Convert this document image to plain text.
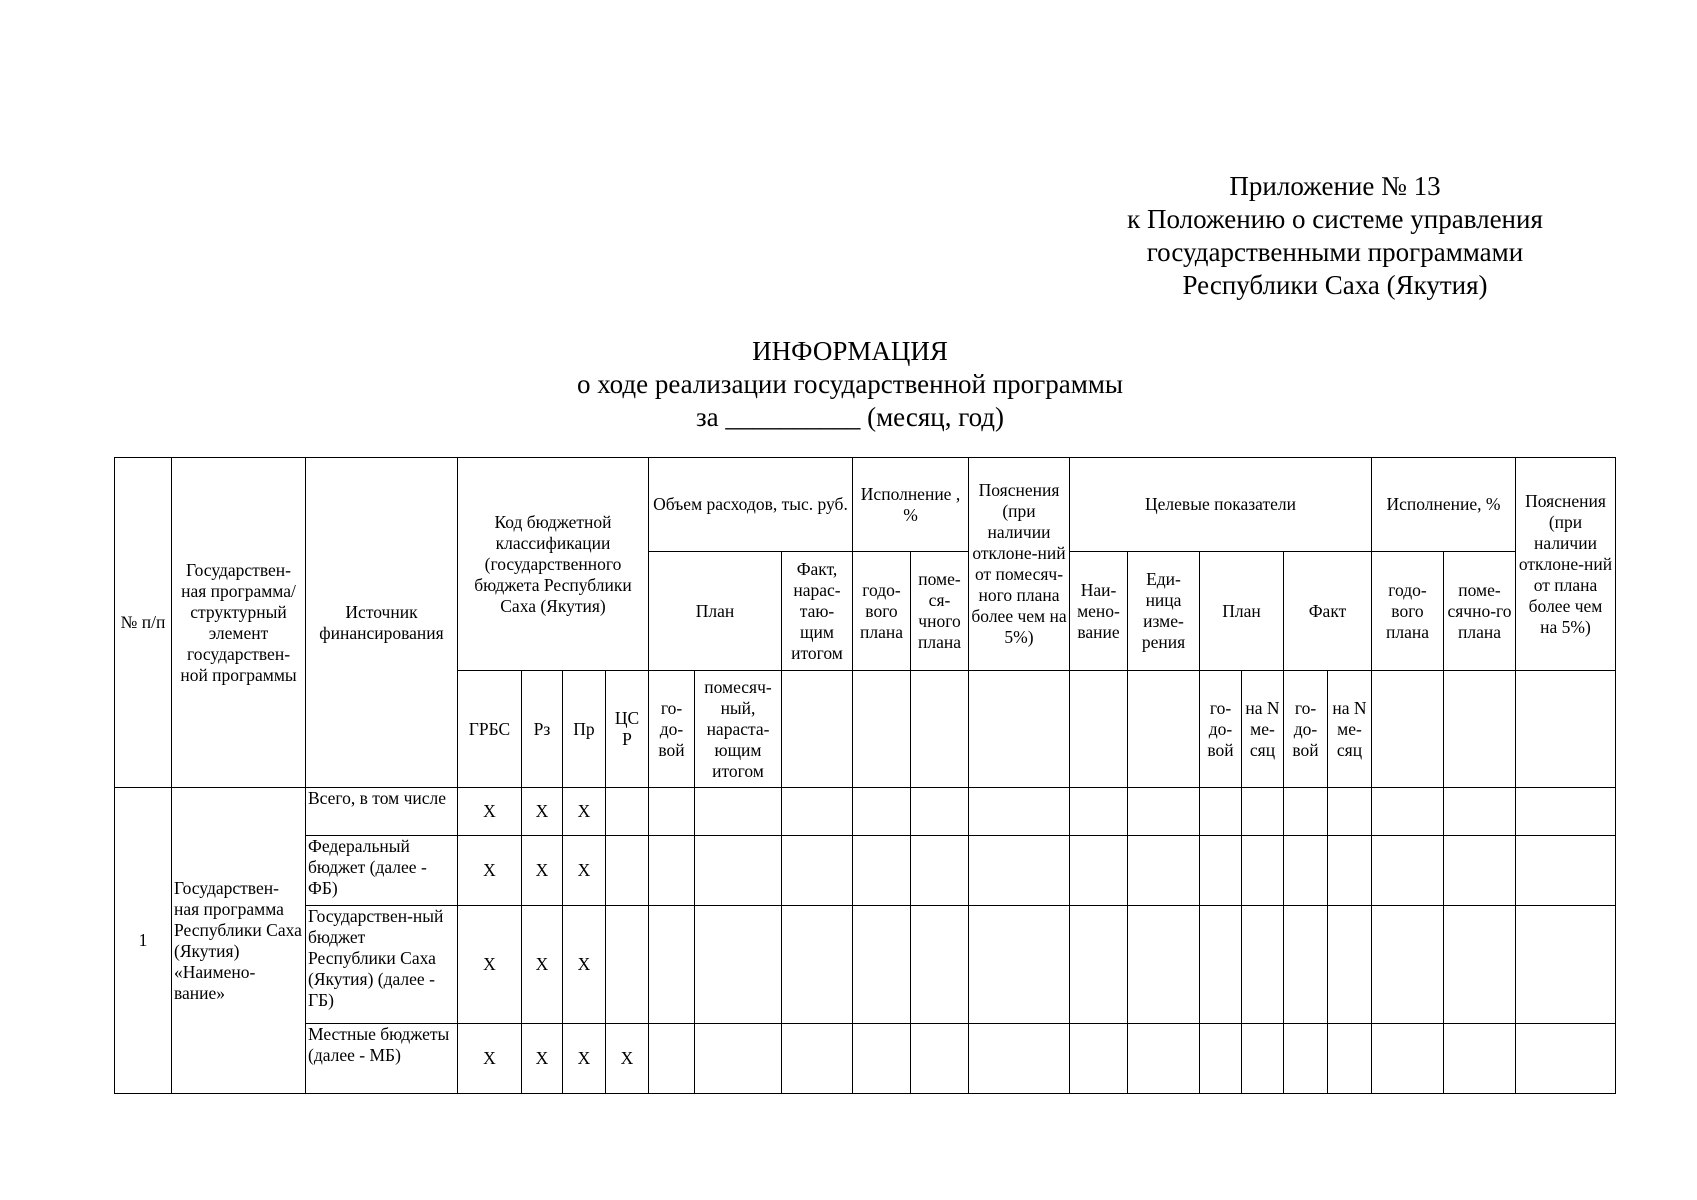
Приложение № 13
к Положению о системе управления
государственными программами
Республики Саха (Якутия)
ИНФОРМАЦИЯ
о ходе реализации государственной программы
за __________ (месяц, год)
№ п/п	Государствен-ная программа/ структурный элемент государствен-ной программы	Источник финансирования	Код бюджетной классификации (государственного бюджета Республики Саха (Якутия)				Объем расходов, тыс. руб.			Исполнение , %		Пояснения (при наличии отклоне-ний от помесяч-ного плана более чем на 5%)	Целевые показатели						Исполнение, %		Пояснения (при наличии отклоне-ний от плана более чем на 5%)
							План		Факт, нарас-таю-щим итогом	годо-вого плана	поме-ся-чного плана		Наи-мено-вание	Еди-ница изме-рения	План		Факт		годо-вого плана	поме-сячно-го плана	
			ГРБС	Рз	Пр	ЦС Р	го-до-вой	помесяч-ный, нараста-ющим итогом							го-до-вой	на N ме-сяц	го-до-вой	на N ме-сяц			
1	Государствен-ная программа Республики Саха (Якутия) «Наимено-вание»	Всего, в том числе	X	X	X																
		Федеральный бюджет (далее - ФБ)	X	X	X																
		Государствен-ный бюджет Республики Саха (Якутия) (далее - ГБ)	X	X	X																
		Местные бюджеты (далее - МБ)	X	X	X	X															
